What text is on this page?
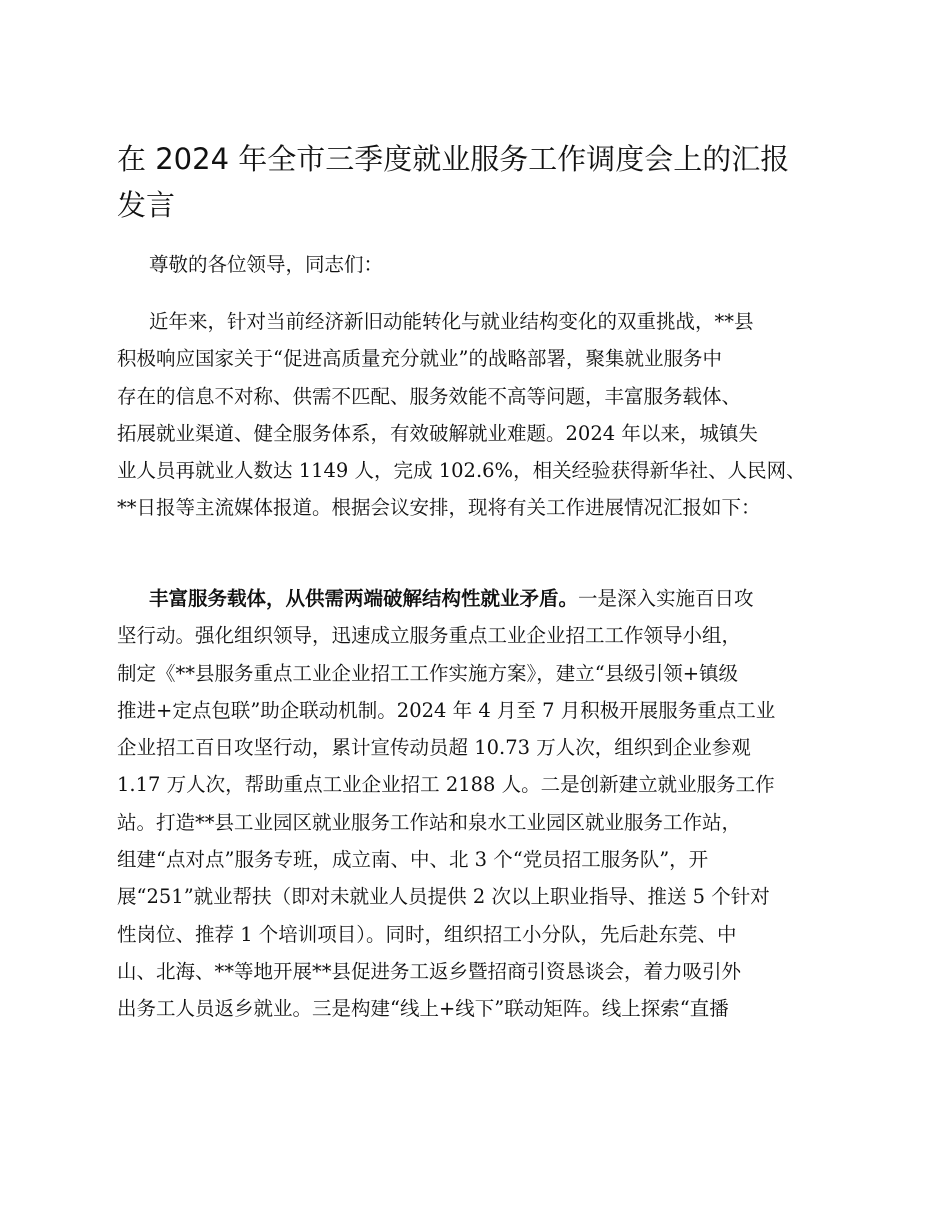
在 2024 年全市三季度就业服务工作调度会上的汇报
发言

尊敬的各位领导，同志们：

近年来，针对当前经济新旧动能转化与就业结构变化的双重挑战，**县
积极响应国家关于“促进高质量充分就业”的战略部署，聚集就业服务中
存在的信息不对称、供需不匹配、服务效能不高等问题，丰富服务载体、
拓展就业渠道、健全服务体系，有效破解就业难题。2024 年以来，城镇失
业人员再就业人数达 1149 人，完成 102.6%，相关经验获得新华社、人民网、
**日报等主流媒体报道。根据会议安排，现将有关工作进展情况汇报如下：

丰富服务载体，从供需两端破解结构性就业矛盾。一是深入实施百日攻
坚行动。强化组织领导，迅速成立服务重点工业企业招工工作领导小组，
制定《**县服务重点工业企业招工工作实施方案》，建立“县级引领+镇级
推进+定点包联”助企联动机制。2024 年 4 月至 7 月积极开展服务重点工业
企业招工百日攻坚行动，累计宣传动员超 10.73 万人次，组织到企业参观
1.17 万人次，帮助重点工业企业招工 2188 人。二是创新建立就业服务工作
站。打造**县工业园区就业服务工作站和泉水工业园区就业服务工作站，
组建“点对点”服务专班，成立南、中、北 3 个“党员招工服务队”，开
展“251”就业帮扶（即对未就业人员提供 2 次以上职业指导、推送 5 个针对
性岗位、推荐 1 个培训项目）。同时，组织招工小分队，先后赴东莞、中
山、北海、**等地开展**县促进务工返乡暨招商引资恳谈会，着力吸引外
出务工人员返乡就业。三是构建“线上+线下”联动矩阵。线上探索“直播
